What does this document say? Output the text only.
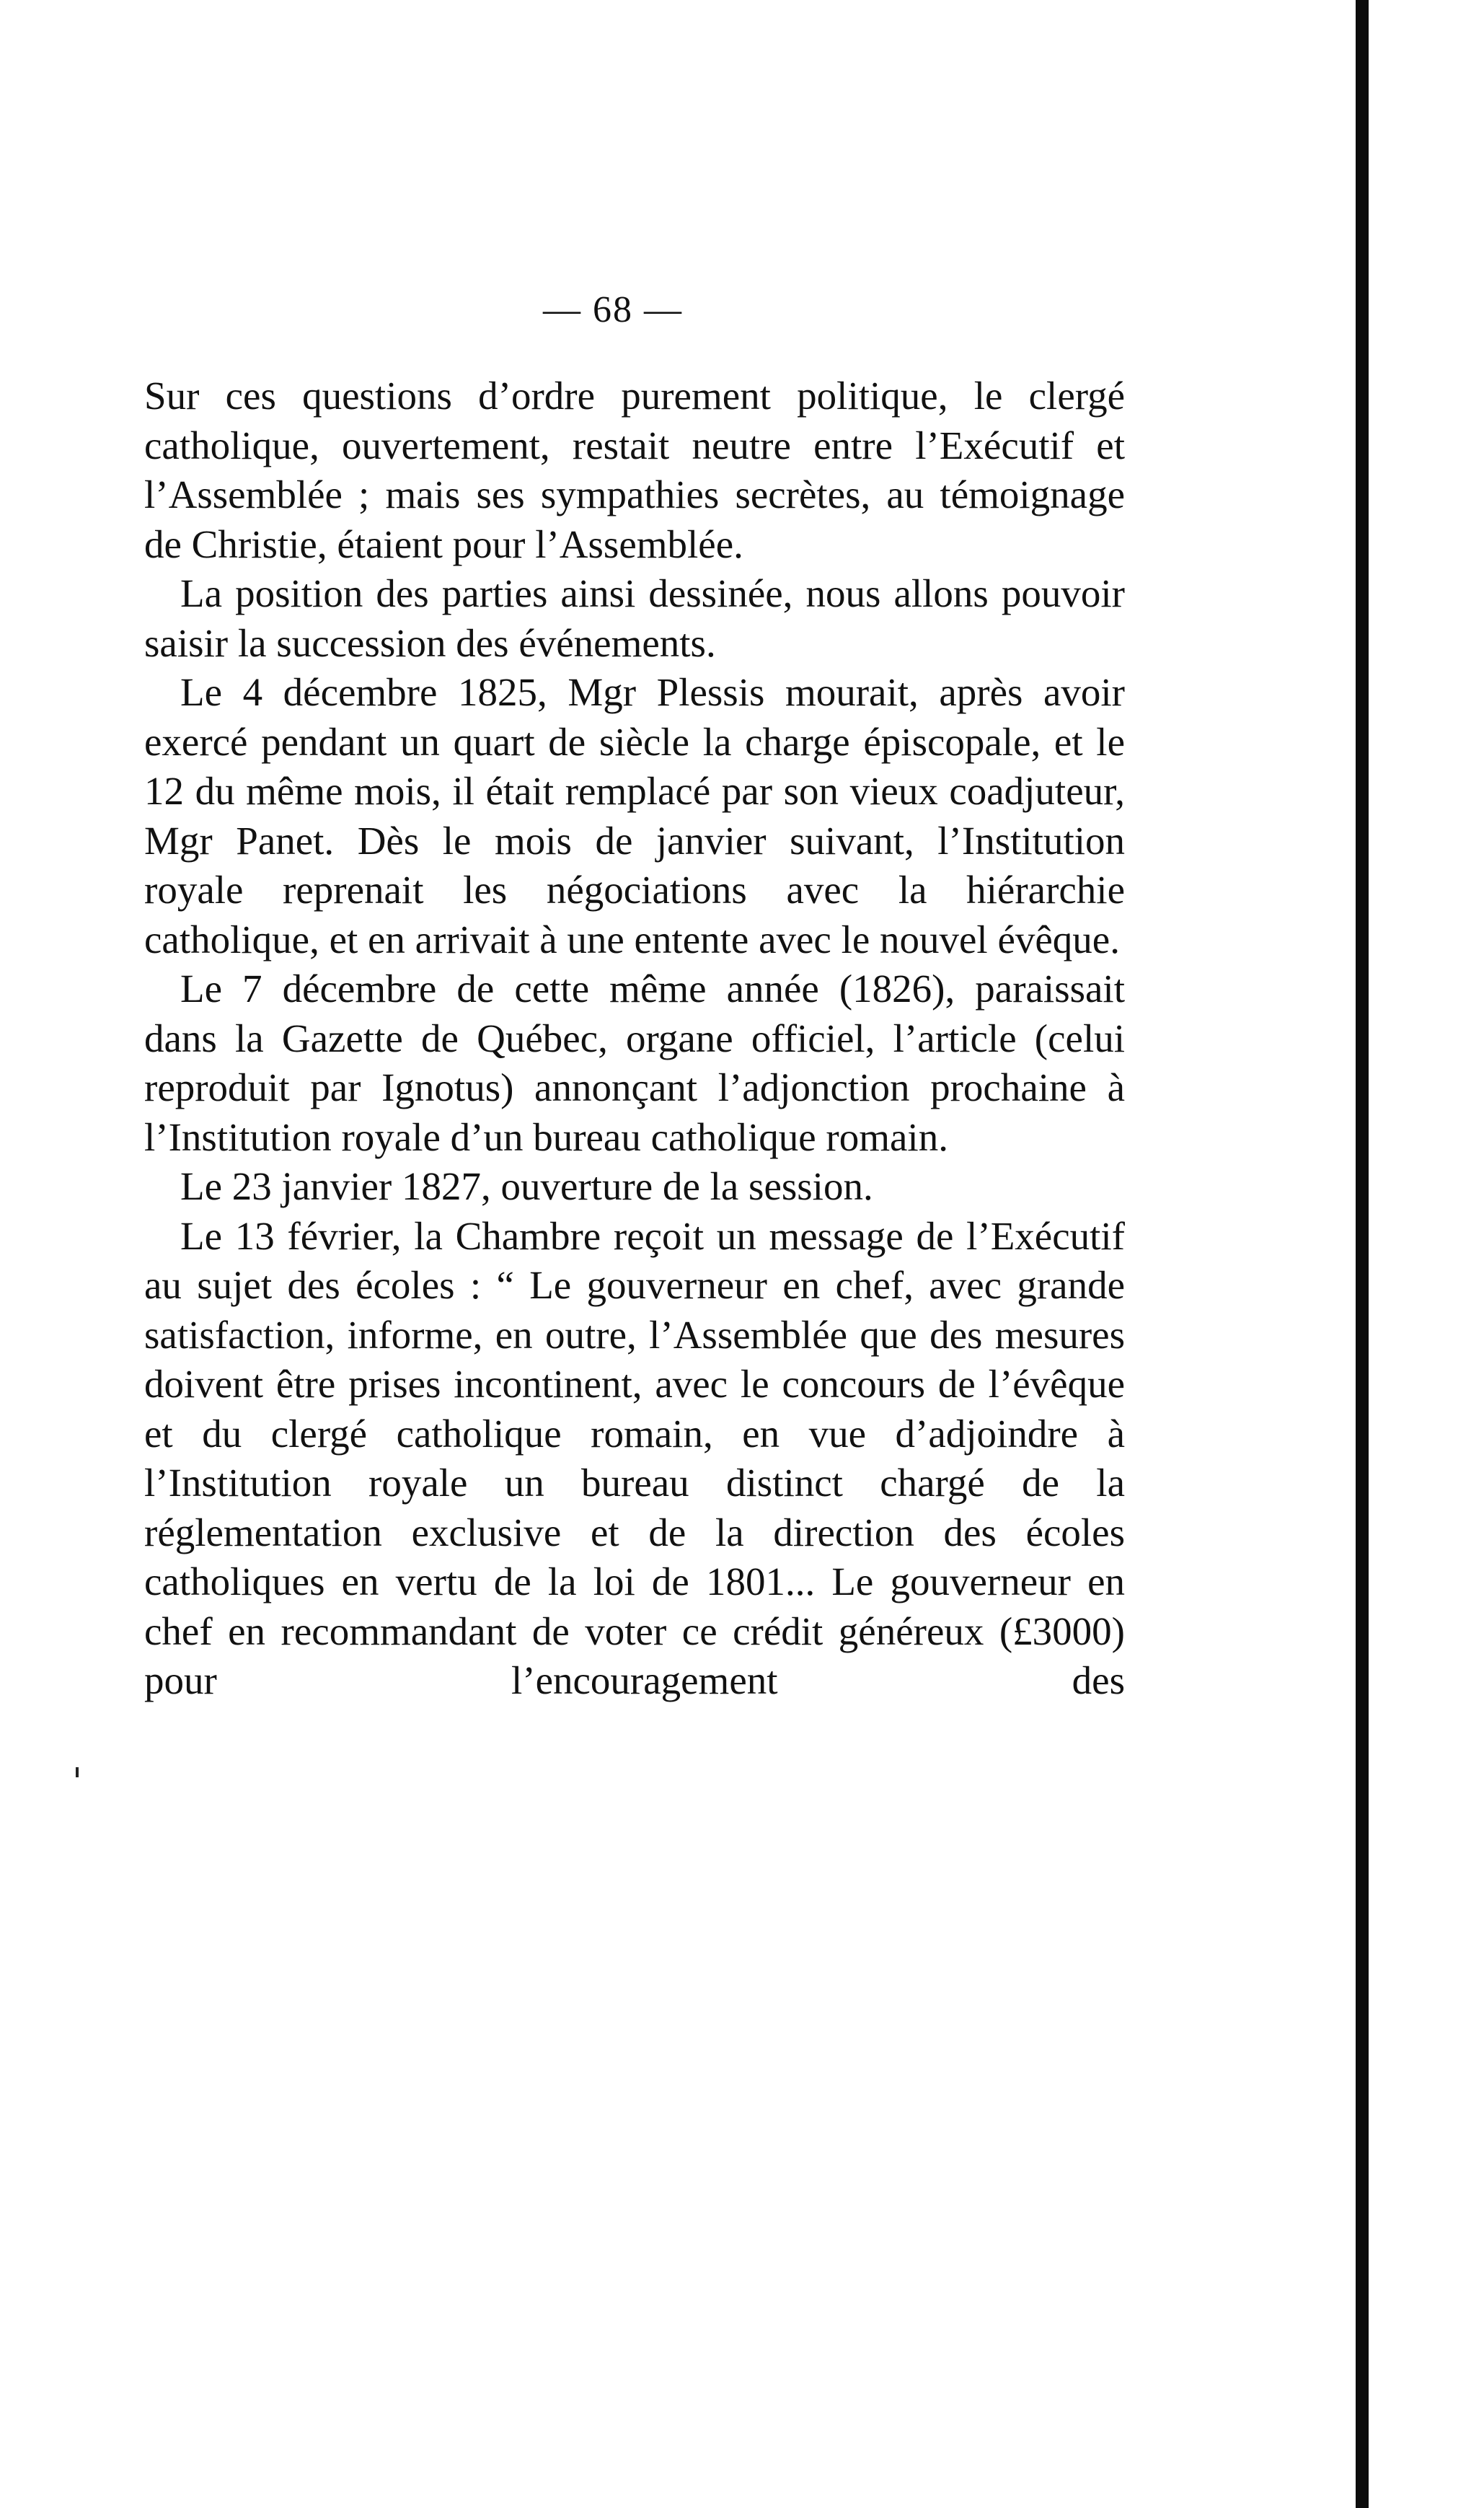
— 68 —

Sur ces questions d’ordre purement politique, le clergé catholique, ouvertement, restait neutre entre l’Exécutif et l’Assemblée ; mais ses sympathies secrètes, au témoignage de Christie, étaient pour l’Assemblée.

La position des parties ainsi dessinée, nous allons pouvoir saisir la succession des événements.

Le 4 décembre 1825, Mgr Plessis mourait, après avoir exercé pendant un quart de siècle la charge épiscopale, et le 12 du même mois, il était remplacé par son vieux coadjuteur, Mgr Panet. Dès le mois de janvier suivant, l’Institution royale reprenait les négociations avec la hiérarchie catholique, et en arrivait à une entente avec le nouvel évêque.

Le 7 décembre de cette même année (1826), paraissait dans la Gazette de Québec, organe officiel, l’article (celui reproduit par Ignotus) annonçant l’adjonction prochaine à l’Institution royale d’un bureau catholique romain.

Le 23 janvier 1827, ouverture de la session.

Le 13 février, la Chambre reçoit un message de l’Exécutif au sujet des écoles : “ Le gouverneur en chef, avec grande satisfaction, informe, en outre, l’Assemblée que des mesures doivent être prises incontinent, avec le concours de l’évêque et du clergé catholique romain, en vue d’adjoindre à l’Institution royale un bureau distinct chargé de la réglementation exclusive et de la direction des écoles catholiques en vertu de la loi de 1801... Le gouverneur en chef en recommandant de voter ce crédit généreux (£3000) pour l’encouragement des
